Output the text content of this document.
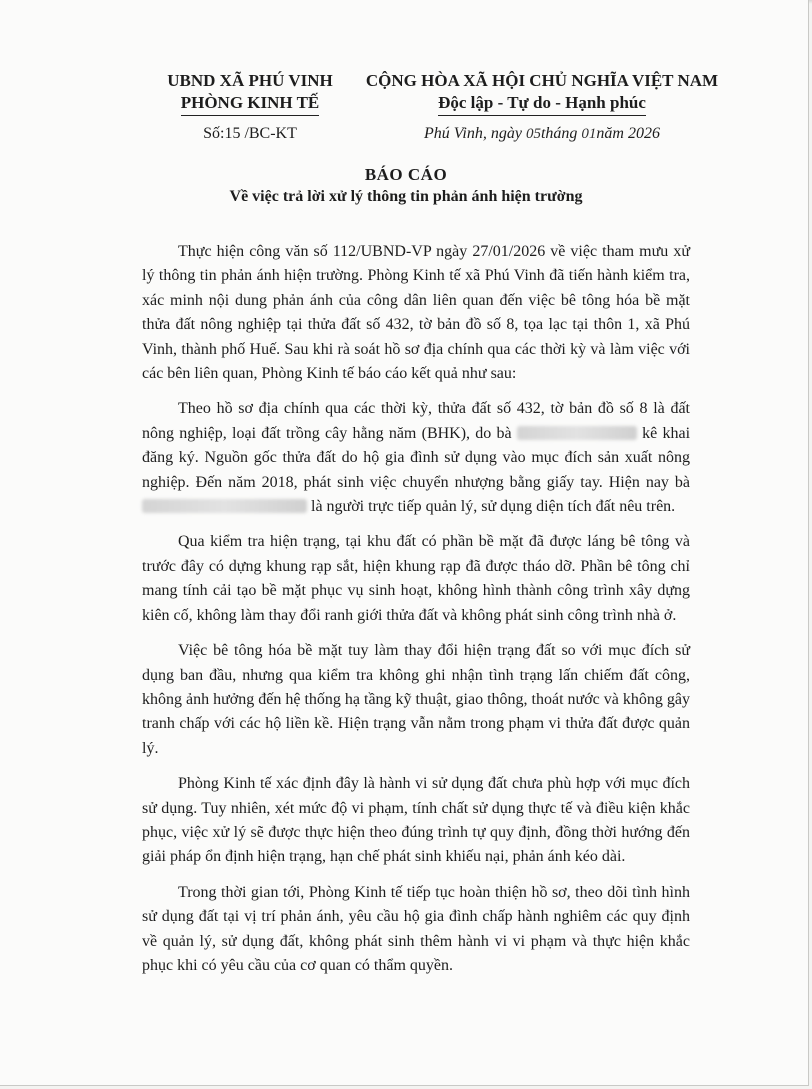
UBND XÃ PHÚ VINH
PHÒNG KINH TẾ
CỘNG HÒA XÃ HỘI CHỦ NGHĨA VIỆT NAM
Độc lập - Tự do - Hạnh phúc
Số:15 /BC-KT	Phú Vinh, ngày 05tháng 01năm 2026
BÁO CÁO
Về việc trả lời xử lý thông tin phản ánh hiện trường

Thực hiện công văn số 112/UBND-VP ngày 27/01/2026 về việc tham mưu xử lý thông tin phản ánh hiện trường. Phòng Kinh tế xã Phú Vinh đã tiến hành kiểm tra, xác minh nội dung phản ánh của công dân liên quan đến việc bê tông hóa bề mặt thửa đất nông nghiệp tại thửa đất số 432, tờ bản đồ số 8, tọa lạc tại thôn 1, xã Phú Vinh, thành phố Huế. Sau khi rà soát hồ sơ địa chính qua các thời kỳ và làm việc với các bên liên quan, Phòng Kinh tế báo cáo kết quả như sau:

Theo hồ sơ địa chính qua các thời kỳ, thửa đất số 432, tờ bản đồ số 8 là đất nông nghiệp, loại đất trồng cây hằng năm (BHK), do bà	kê khai đăng ký. Nguồn gốc thửa đất do hộ gia đình sử dụng vào mục đích sản xuất nông nghiệp. Đến năm 2018, phát sinh việc chuyển nhượng bằng giấy tay. Hiện nay bà  là người trực tiếp quản lý, sử dụng diện tích đất nêu trên.

Qua kiểm tra hiện trạng, tại khu đất có phần bề mặt đã được láng bê tông và trước đây có dựng khung rạp sắt, hiện khung rạp đã được tháo dỡ. Phần bê tông chỉ mang tính cải tạo bề mặt phục vụ sinh hoạt, không hình thành công trình xây dựng kiên cố, không làm thay đổi ranh giới thửa đất và không phát sinh công trình nhà ở.

Việc bê tông hóa bề mặt tuy làm thay đổi hiện trạng đất so với mục đích sử dụng ban đầu, nhưng qua kiểm tra không ghi nhận tình trạng lấn chiếm đất công, không ảnh hưởng đến hệ thống hạ tầng kỹ thuật, giao thông, thoát nước và không gây tranh chấp với các hộ liền kề. Hiện trạng vẫn nằm trong phạm vi thửa đất được quản lý.

Phòng Kinh tế xác định đây là hành vi sử dụng đất chưa phù hợp với mục đích sử dụng. Tuy nhiên, xét mức độ vi phạm, tính chất sử dụng thực tế và điều kiện khắc phục, việc xử lý sẽ được thực hiện theo đúng trình tự quy định, đồng thời hướng đến giải pháp ổn định hiện trạng, hạn chế phát sinh khiếu nại, phản ánh kéo dài.

Trong thời gian tới, Phòng Kinh tế tiếp tục hoàn thiện hồ sơ, theo dõi tình hình sử dụng đất tại vị trí phản ánh, yêu cầu hộ gia đình chấp hành nghiêm các quy định về quản lý, sử dụng đất, không phát sinh thêm hành vi vi phạm và thực hiện khắc phục khi có yêu cầu của cơ quan có thẩm quyền.
